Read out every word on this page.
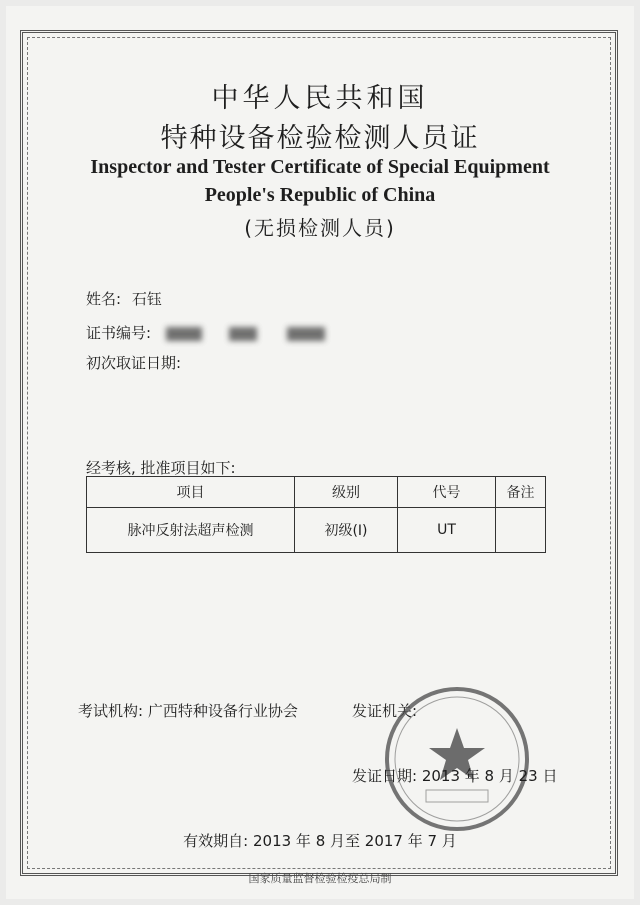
中华人民共和国
特种设备检验检测人员证
Inspector and Tester Certificate of Special Equipment
People's Republic of China
(无损检测人员)
姓名: 石钰
证书编号:
初次取证日期:
经考核, 批准项目如下:
项目	级别	代号	备注
脉冲反射法超声检测	初级(Ⅰ)	UT	
考试机构: 广西特种设备行业协会	发证机关:
发证日期: 2013 年 8 月 23 日
有效期自: 2013 年 8 月至 2017 年 7 月
国家质量监督检验检疫总局制
